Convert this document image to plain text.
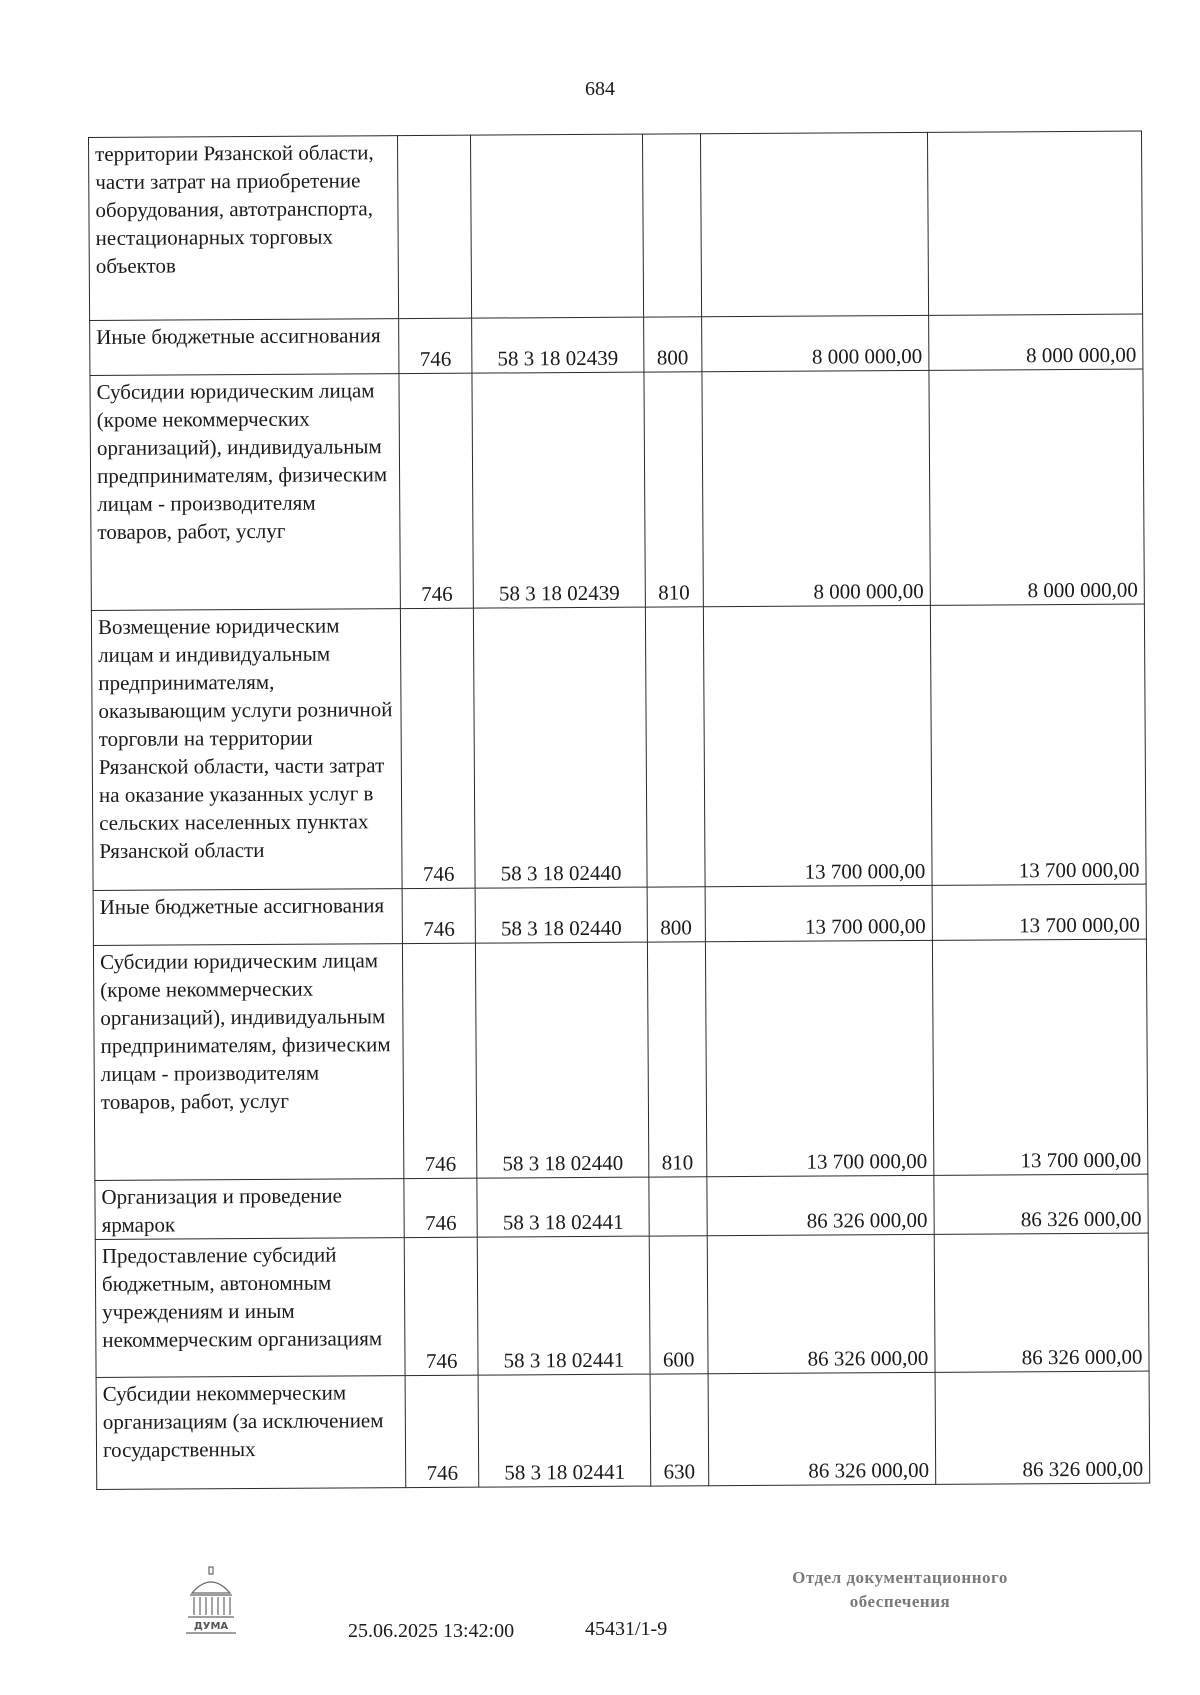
684
территории Рязанской области, части затрат на приобретение оборудования, автотранспорта, нестационарных торговых объектов					
Иные бюджетные ассигнования	746	58 3 18 02439	800	8 000 000,00	8 000 000,00
Субсидии юридическим лицам (кроме некоммерческих организаций), индивидуальным предпринимателям, физическим лицам - производителям товаров, работ, услуг	746	58 3 18 02439	810	8 000 000,00	8 000 000,00
Возмещение юридическим лицам и индивидуальным предпринимателям, оказывающим услуги розничной торговли на территории Рязанской области, части затрат на оказание указанных услуг в сельских населенных пунктах Рязанской области	746	58 3 18 02440		13 700 000,00	13 700 000,00
Иные бюджетные ассигнования	746	58 3 18 02440	800	13 700 000,00	13 700 000,00
Субсидии юридическим лицам (кроме некоммерческих организаций), индивидуальным предпринимателям, физическим лицам - производителям товаров, работ, услуг	746	58 3 18 02440	810	13 700 000,00	13 700 000,00
Организация и проведение ярмарок	746	58 3 18 02441		86 326 000,00	86 326 000,00
Предоставление субсидий бюджетным, автономным учреждениям и иным некоммерческим организациям	746	58 3 18 02441	600	86 326 000,00	86 326 000,00
Субсидии некоммерческим организациям (за исключением государственных	746	58 3 18 02441	630	86 326 000,00	86 326 000,00
ДУМА	25.06.2025 13:42:00	45431/1-9
Отдел документационного
обеспечения
